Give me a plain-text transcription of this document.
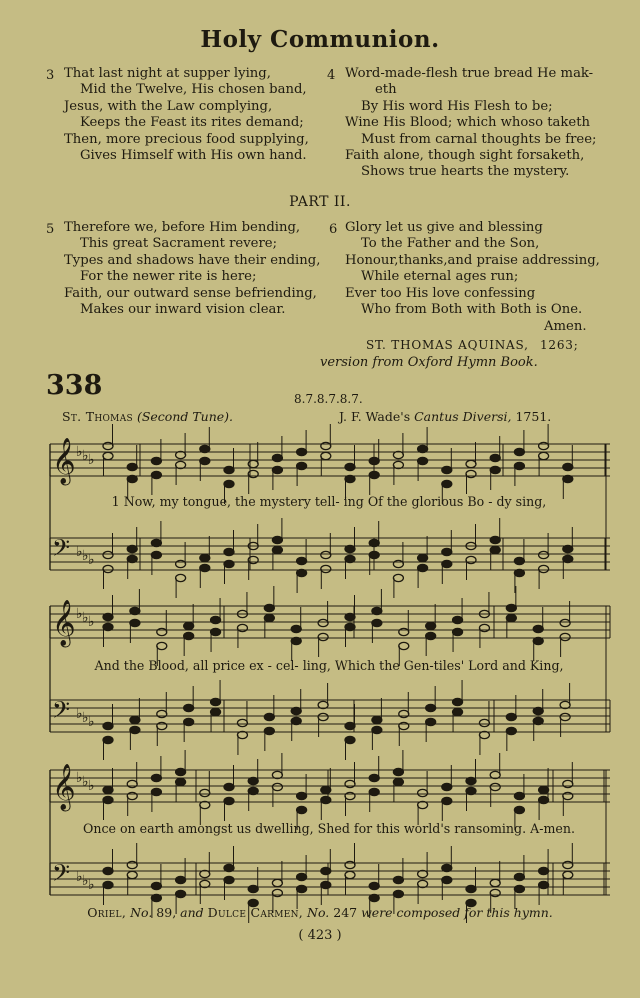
Holy Communion.
3 That last night at supper lying,
Mid the Twelve, His chosen band,
Jesus, with the Law complying,
Keeps the Feast its rites demand;
Then, more precious food supplying,
Gives Himself with His own hand.
4 Word-made-flesh true bread He mak-
eth
By His word His Flesh to be;
Wine His Blood; which whoso taketh
Must from carnal thoughts be free;
Faith alone, though sight forsaketh,
Shows true hearts the mystery.
PART II.
5 Therefore we, before Him bending,
This great Sacrament revere;
Types and shadows have their ending,
For the newer rite is here;
Faith, our outward sense befriending,
Makes our inward vision clear.
6 Glory let us give and blessing
To the Father and the Son,
Honour,thanks,and praise addressing,
While eternal ages run;
Ever too His love confessing
Who from Both with Both is One.
Amen.
ST. THOMAS AQUINAS, 1263;
version from Oxford Hymn Book.
338	8.7.8.7.8.7.
St. Thomas (Second Tune).	J. F. Wade's Cantus Diversi, 1751.
𝄞 ♭ ♭ ♭
𝄢 ♭ ♭ ♭
𝄞 ♭ ♭ ♭
𝄢 ♭ ♭ ♭
𝄞 ♭ ♭ ♭
𝄢 ♭ ♭ ♭
1 Now, my tongue, the mystery tell- ing Of the glorious Bo - dy sing,
And the Blood, all price ex - cel- ling, Which the Gen-tiles' Lord and King,
Once on earth amongst us dwelling, Shed for this world's ransoming. A-men.
Oriel, No. 89, and Dulce Carmen, No. 247 were composed for this hymn.
( 423 )
